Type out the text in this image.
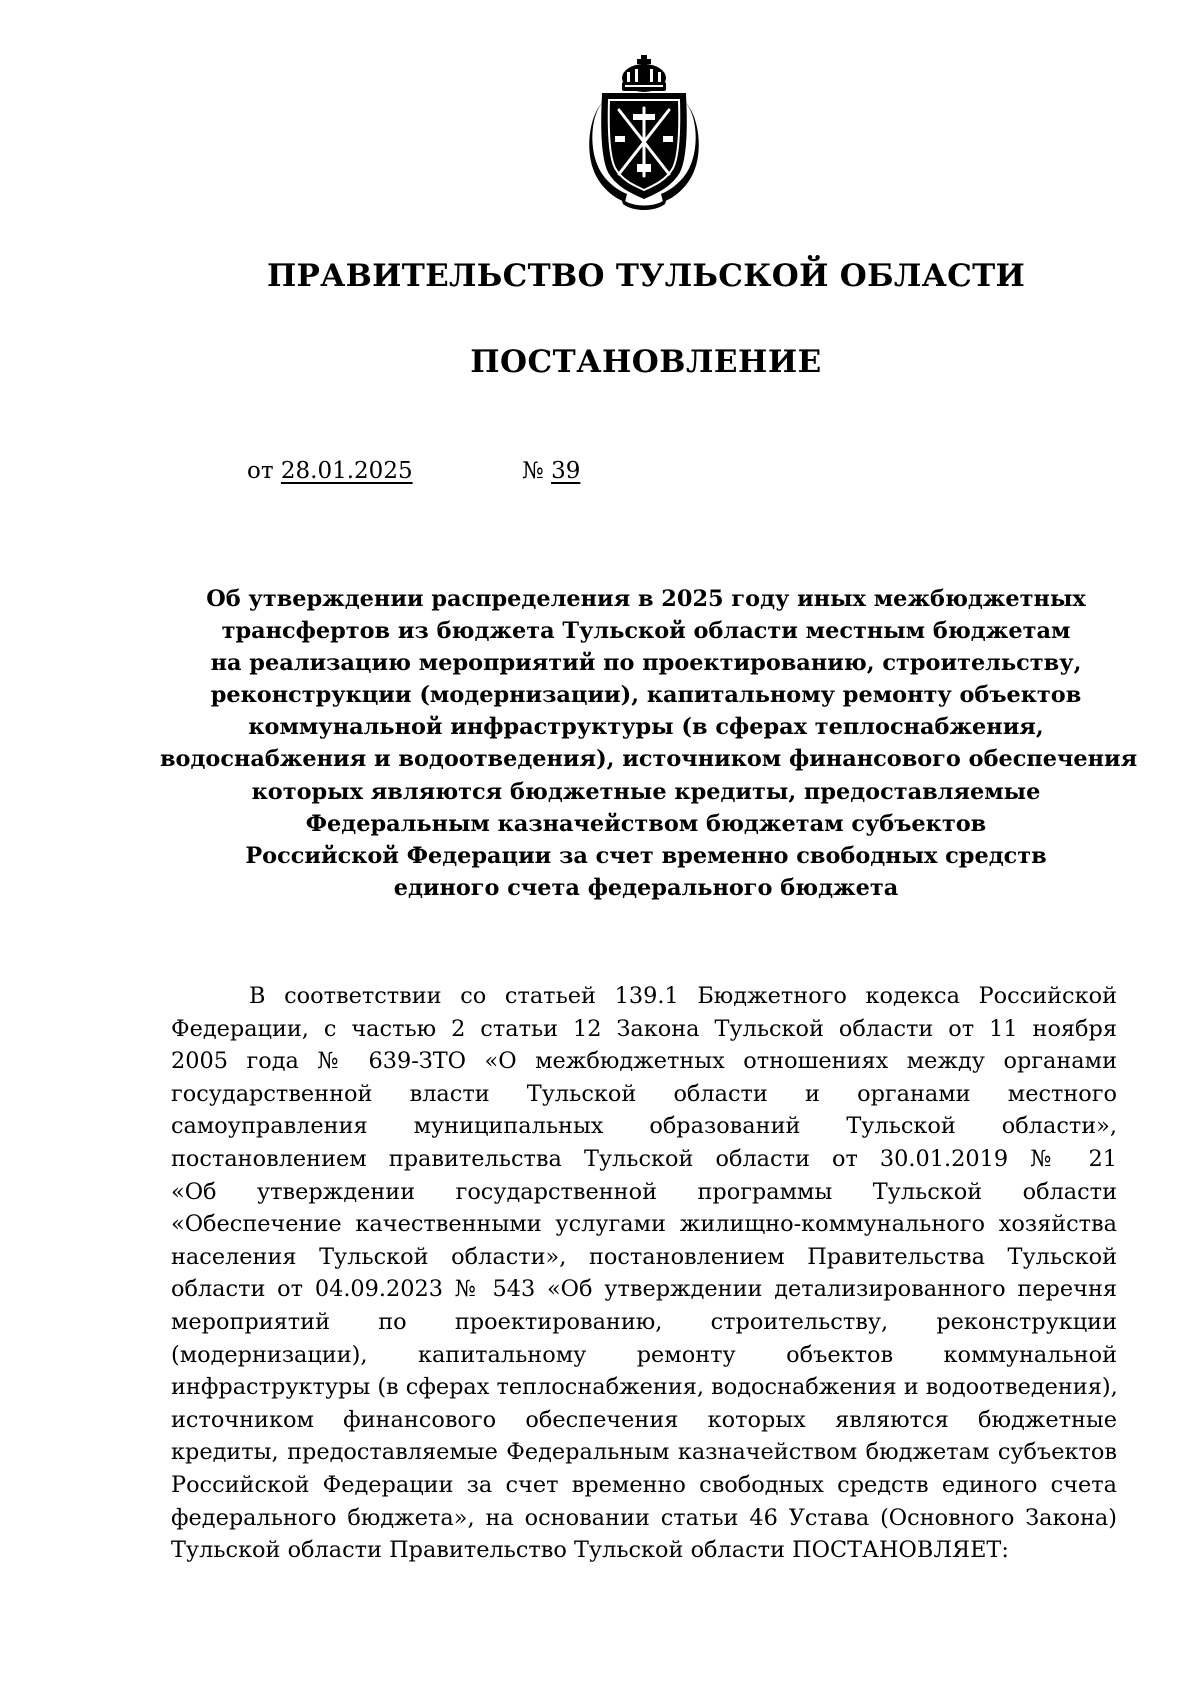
ПРАВИТЕЛЬСТВО ТУЛЬСКОЙ ОБЛАСТИ
ПОСТАНОВЛЕНИЕ
от 28.01.2025	№ 39
Об утверждении распределения в 2025 году иных межбюджетных
трансфертов из бюджета Тульской области местным бюджетам
на реализацию мероприятий по проектированию, строительству,
реконструкции (модернизации), капитальному ремонту объектов
коммунальной инфраструктуры (в сферах теплоснабжения,
водоснабжения и водоотведения), источником финансового обеспечения
которых являются бюджетные кредиты, предоставляемые
Федеральным казначейством бюджетам субъектов
Российской Федерации за счет временно свободных средств
единого счета федерального бюджета
В соответствии со статьей 139.1 Бюджетного кодекса Российской
Федерации, с частью 2 статьи 12 Закона Тульской области от 11 ноября
2005 года № 639-ЗТО «О межбюджетных отношениях между органами
государственной власти Тульской области и органами местного
самоуправления муниципальных образований Тульской области»,
постановлением правительства Тульской области от 30.01.2019 № 21
«Об утверждении государственной программы Тульской области
«Обеспечение качественными услугами жилищно-коммунального хозяйства
населения Тульской области», постановлением Правительства Тульской
области от 04.09.2023 № 543 «Об утверждении детализированного перечня
мероприятий по проектированию, строительству, реконструкции
(модернизации), капитальному ремонту объектов коммунальной
инфраструктуры (в сферах теплоснабжения, водоснабжения и водоотведения),
источником финансового обеспечения которых являются бюджетные
кредиты, предоставляемые Федеральным казначейством бюджетам субъектов
Российской Федерации за счет временно свободных средств единого счета
федерального бюджета», на основании статьи 46 Устава (Основного Закона)
Тульской области Правительство Тульской области ПОСТАНОВЛЯЕТ:
